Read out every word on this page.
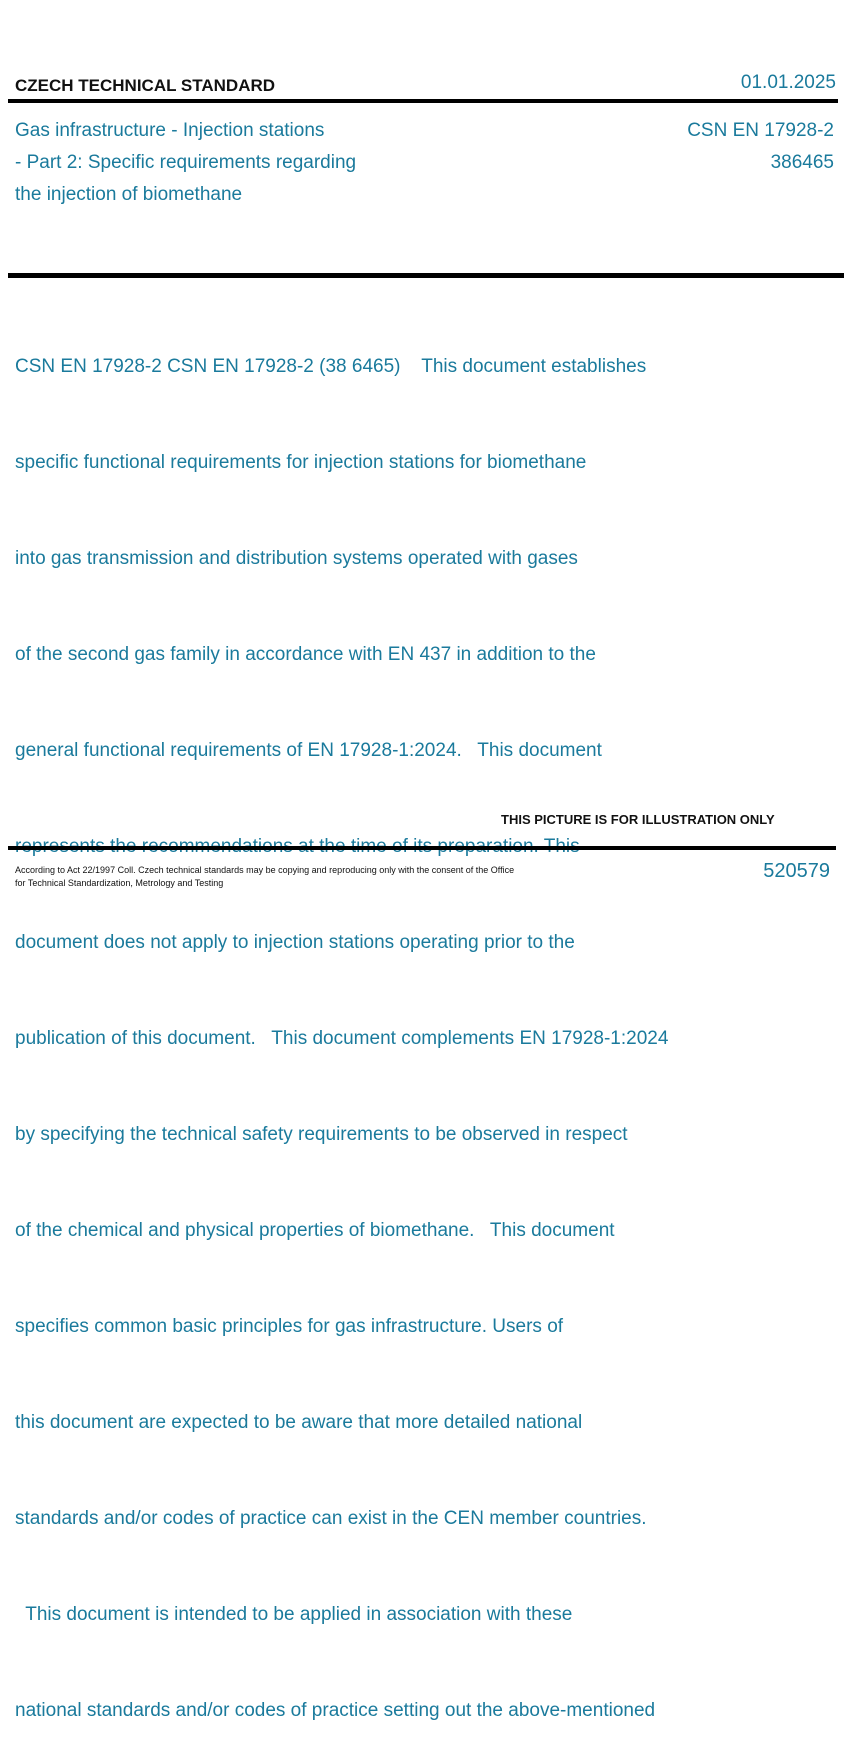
CZECH TECHNICAL STANDARD	01.01.2025
Gas infrastructure - Injection stations
- Part 2: Specific requirements regarding
the injection of biomethane
CSN EN 17928-2
386465

CSN EN 17928-2 CSN EN 17928-2 (38 6465)    This document establishes

specific functional requirements for injection stations for biomethane

into gas transmission and distribution systems operated with gases

of the second gas family in accordance with EN 437 in addition to the

general functional requirements of EN 17928-1:2024.   This document

document does not apply to injection stations operating prior to the

publication of this document.   This document complements EN 17928-1:2024

by specifying the technical safety requirements to be observed in respect

of the chemical and physical properties of biomethane.   This document

specifies common basic principles for gas infrastructure. Users of

this document are expected to be aware that more detailed national

standards and/or codes of practice can exist in the CEN member countries.

This document is intended to be applied in association with these

national standards and/or codes of practice setting out the above-mentioned

THIS PICTURE IS FOR ILLUSTRATION ONLY
According to Act 22/1997 Coll. Czech technical standards may be copying and reproducing only with the consent of the Office
for Technical Standardization, Metrology and Testing
520579
